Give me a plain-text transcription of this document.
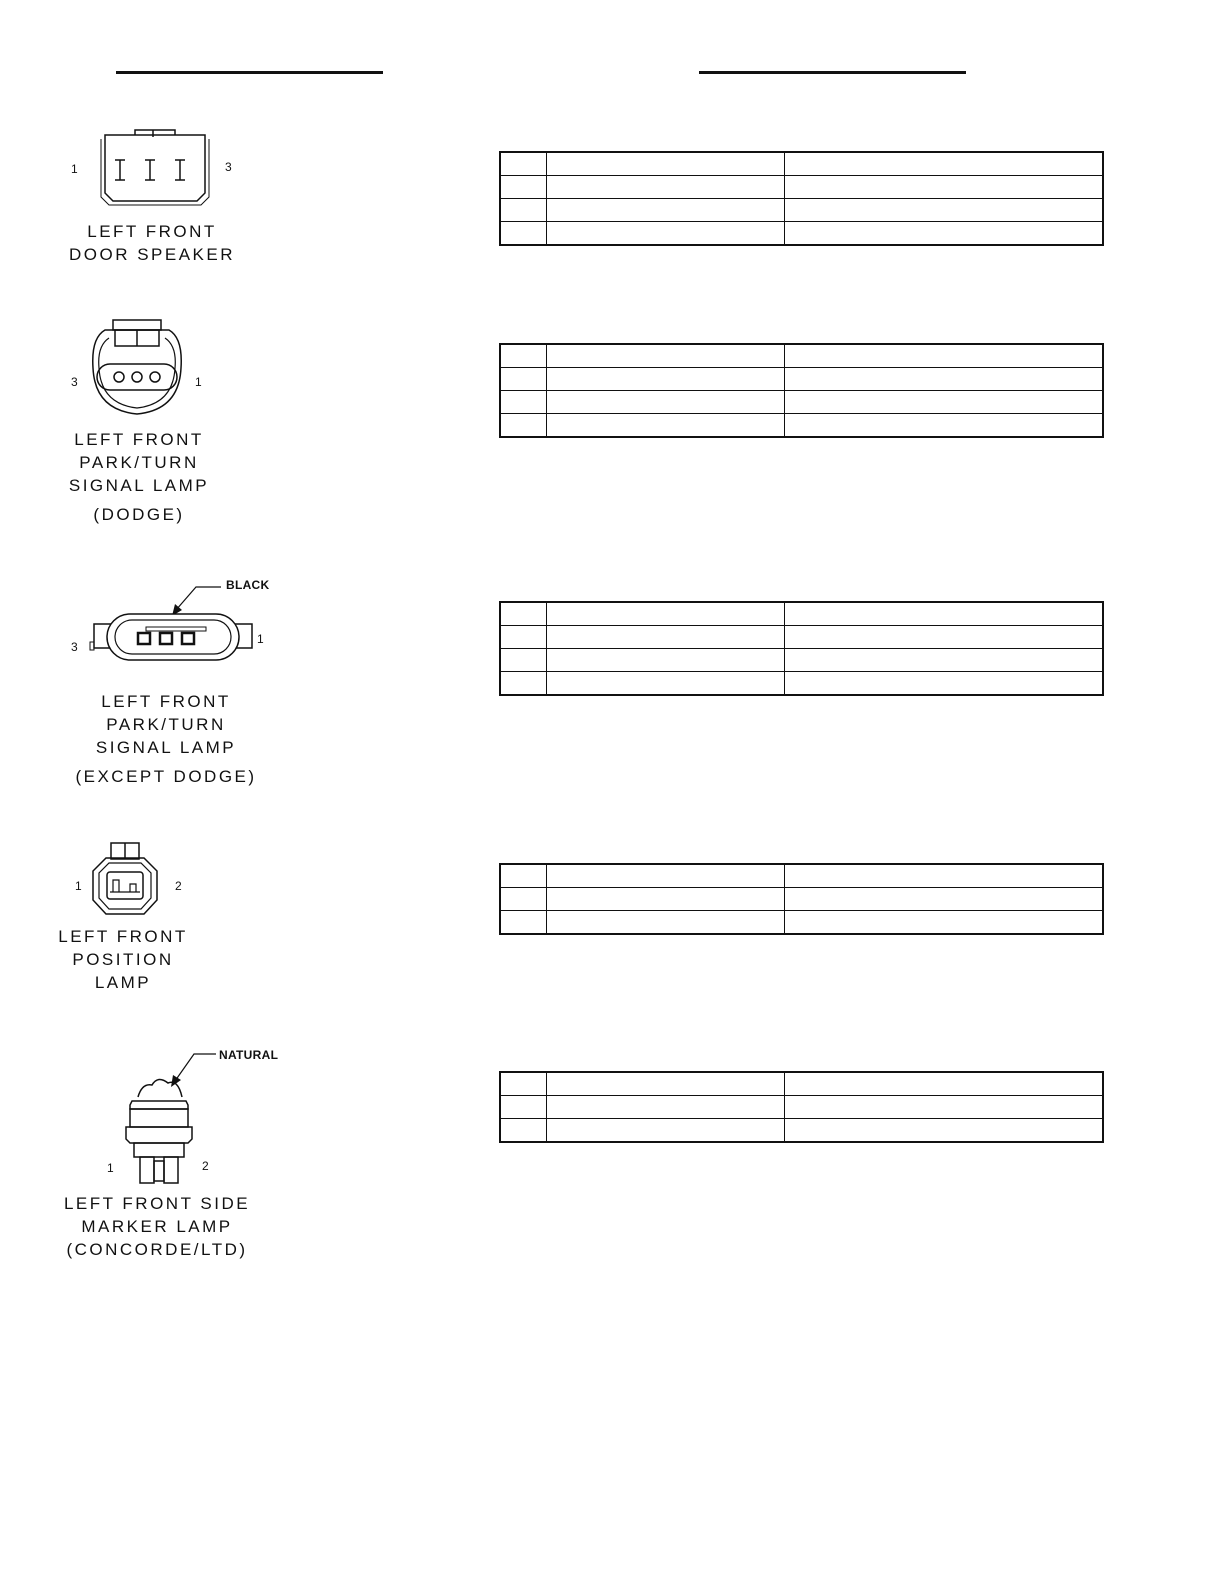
1	3
LEFT FRONT
DOOR SPEAKER

3	1
LEFT FRONT
PARK/TURN
SIGNAL LAMP
(DODGE)

BLACK
3
1
LEFT FRONT
PARK/TURN
SIGNAL LAMP
(EXCEPT DODGE)

1	2
LEFT FRONT
POSITION
LAMP

NATURAL
1	2
LEFT FRONT SIDE
MARKER LAMP
(CONCORDE/LTD)
